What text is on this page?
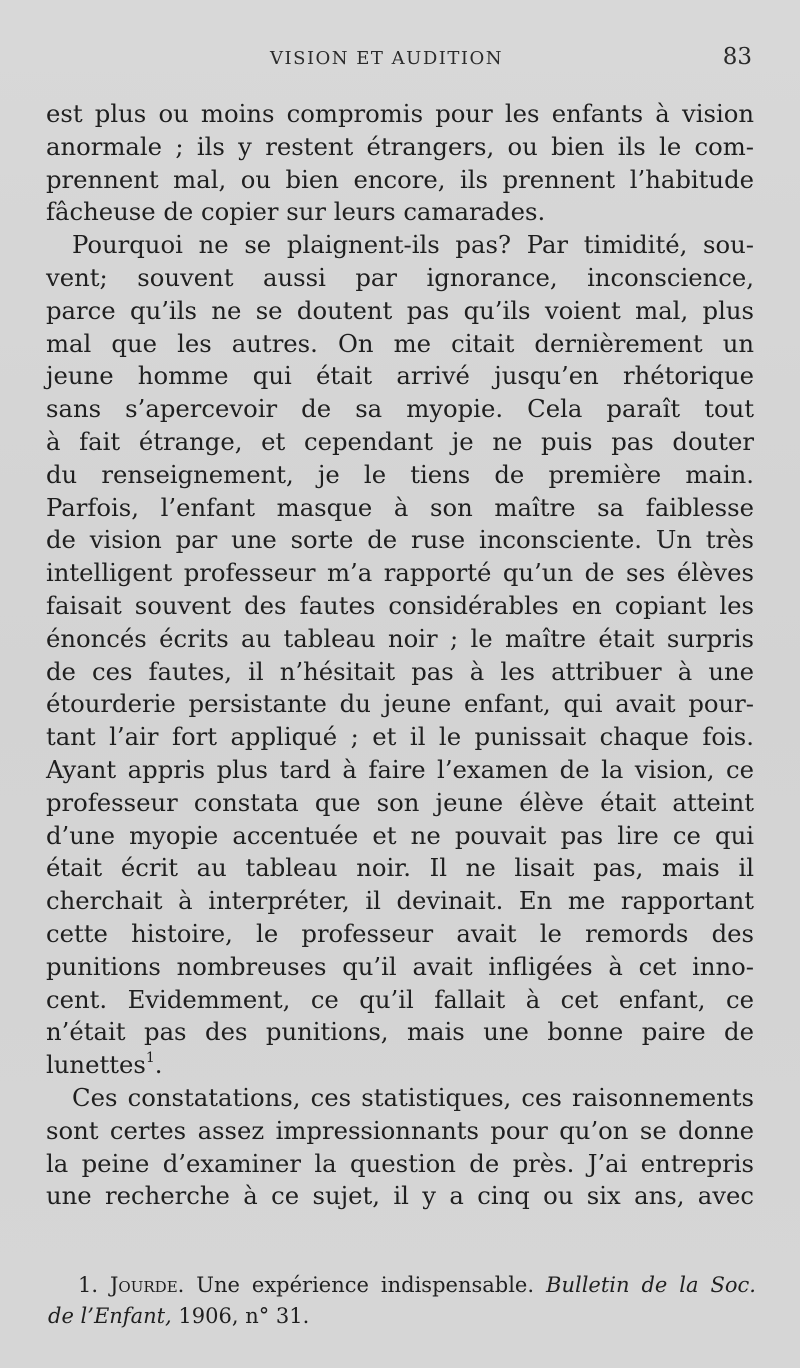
VISION ET AUDITION	83
est plus ou moins compromis pour les enfants à vision
anormale ; ils y restent étrangers, ou bien ils le com-
prennent mal, ou bien encore, ils prennent l’habitude
fâcheuse de copier sur leurs camarades.
Pourquoi ne se plaignent-ils pas? Par timidité, sou-
vent; souvent aussi par ignorance, inconscience,
parce qu’ils ne se doutent pas qu’ils voient mal, plus
mal que les autres. On me citait dernièrement un
jeune homme qui était arrivé jusqu’en rhétorique
sans s’apercevoir de sa myopie. Cela paraît tout
à fait étrange, et cependant je ne puis pas douter
du renseignement, je le tiens de première main.
Parfois, l’enfant masque à son maître sa faiblesse
de vision par une sorte de ruse inconsciente. Un très
intelligent professeur m’a rapporté qu’un de ses élèves
faisait souvent des fautes considérables en copiant les
énoncés écrits au tableau noir ; le maître était surpris
de ces fautes, il n’hésitait pas à les attribuer à une
étourderie persistante du jeune enfant, qui avait pour-
tant l’air fort appliqué ; et il le punissait chaque fois.
Ayant appris plus tard à faire l’examen de la vision, ce
professeur constata que son jeune élève était atteint
d’une myopie accentuée et ne pouvait pas lire ce qui
était écrit au tableau noir. Il ne lisait pas, mais il
cherchait à interpréter, il devinait. En me rapportant
cette histoire, le professeur avait le remords des
punitions nombreuses qu’il avait infligées à cet inno-
cent. Evidemment, ce qu’il fallait à cet enfant, ce
n’était pas des punitions, mais une bonne paire de
lunettes$^1$.
Ces constatations, ces statistiques, ces raisonnements
sont certes assez impressionnants pour qu’on se donne
la peine d’examiner la question de près. J’ai entrepris
une recherche à ce sujet, il y a cinq ou six ans, avec
1. Jourde. Une expérience indispensable. Bulletin de la Soc.
de l’Enfant, 1906, n° 31.
